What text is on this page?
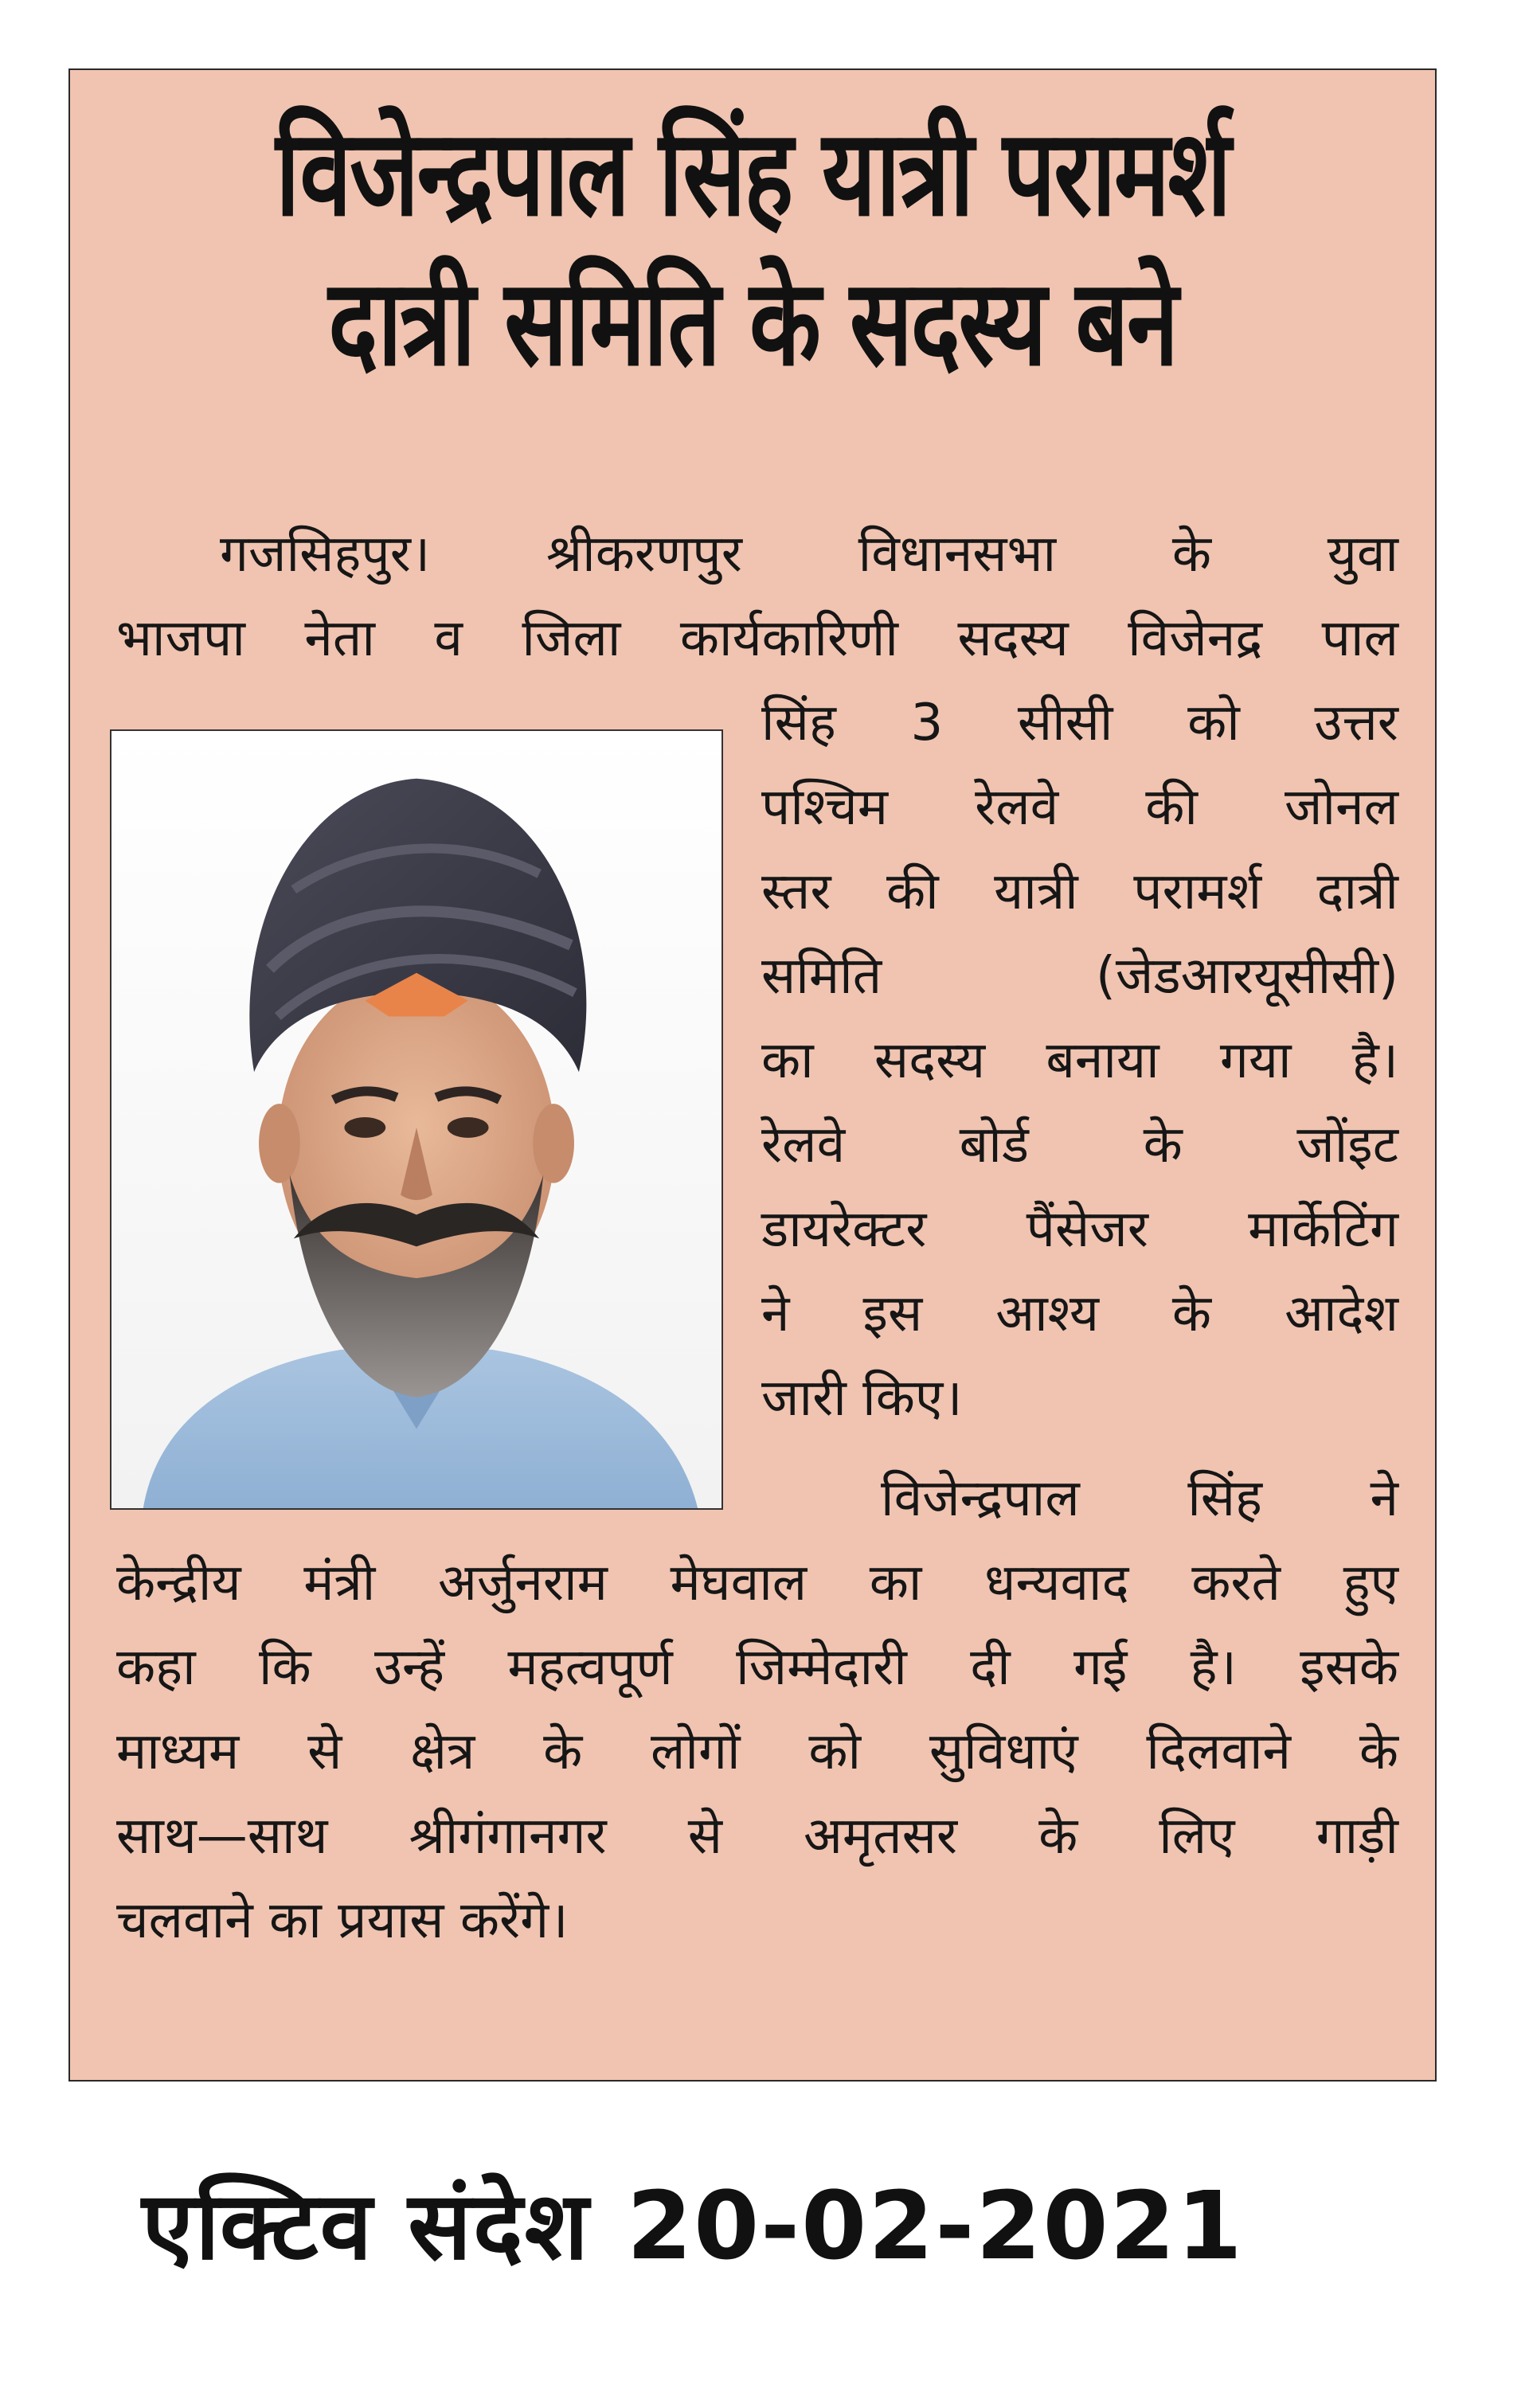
विजेन्द्रपाल सिंह यात्री परामर्श
दात्री समिति के सदस्य बने
गजसिहपुर। श्रीकरणपुर विधानसभा के युवा
भाजपा नेता व जिला कार्यकारिणी सदस्य विजेनद्र पाल
सिंह 3 सीसी को उत्तर
पश्चिम रेलवे की जोनल
स्तर की यात्री परामर्श दात्री
समिति (जेडआरयूसीसी)
का सदस्य बनाया गया है।
रेलवे बोर्ड के जोंइट
डायरेक्टर पैंसेजर मार्केटिंग
ने इस आश्य के आदेश
जारी किए।
विजेन्द्रपाल सिंह ने
केन्द्रीय मंत्री अर्जुनराम मेघवाल का धन्यवाद करते हुए
कहा कि उन्हें महत्वपूर्ण जिम्मेदारी दी गई है। इसके
माध्यम से क्षेत्र के लोगों को सुविधाएं दिलवाने के
साथ—साथ श्रीगंगानगर से अमृतसर के लिए गाड़ी
चलवाने का प्रयास करेंगे।
एक्टिव संदेश 20-02-2021
